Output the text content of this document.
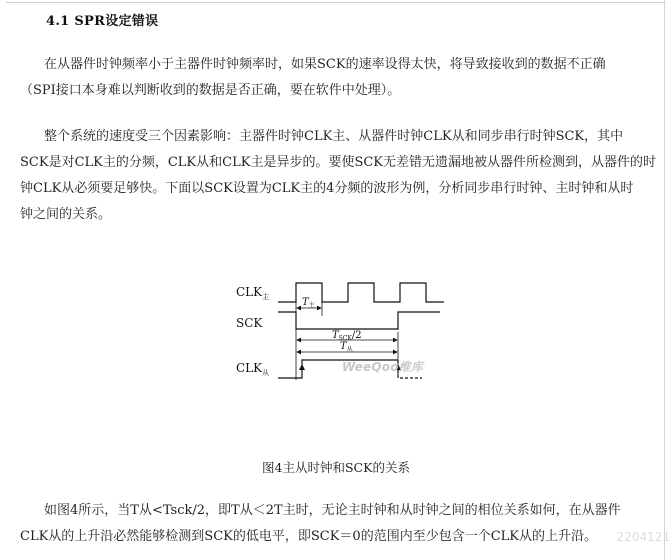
4.1 SPR设定错误
在从器件时钟频率小于主器件时钟频率时，如果SCK的速率设得太快，将导致接收到的数据不正确
（SPI接口本身难以判断收到的数据是否正确，要在软件中处理）。
整个系统的速度受三个因素影响：主器件时钟CLK主、从器件时钟CLK从和同步串行时钟SCK，其中
SCK是对CLK主的分频，CLK从和CLK主是异步的。要使SCK无差错无遗漏地被从器件所检测到，从器件的时
钟CLK从必须要足够快。下面以SCK设置为CLK主的4分频的波形为例，分析同步串行时钟、主时钟和从时
钟之间的关系。
$CLK_主$
SCK
$T_主$
$T_{SCK}/2$
$T_从$
$CLK_从$	WeeQoo维库
图4主从时钟和SCK的关系
如图4所示，当T从<Tsck/2，即T从＜2T主时，无论主时钟和从时钟之间的相位关系如何，在从器件
CLK从的上升沿必然能够检测到SCK的低电平，即SCK＝0的范围内至少包含一个CLK从的上升沿。	2204121
